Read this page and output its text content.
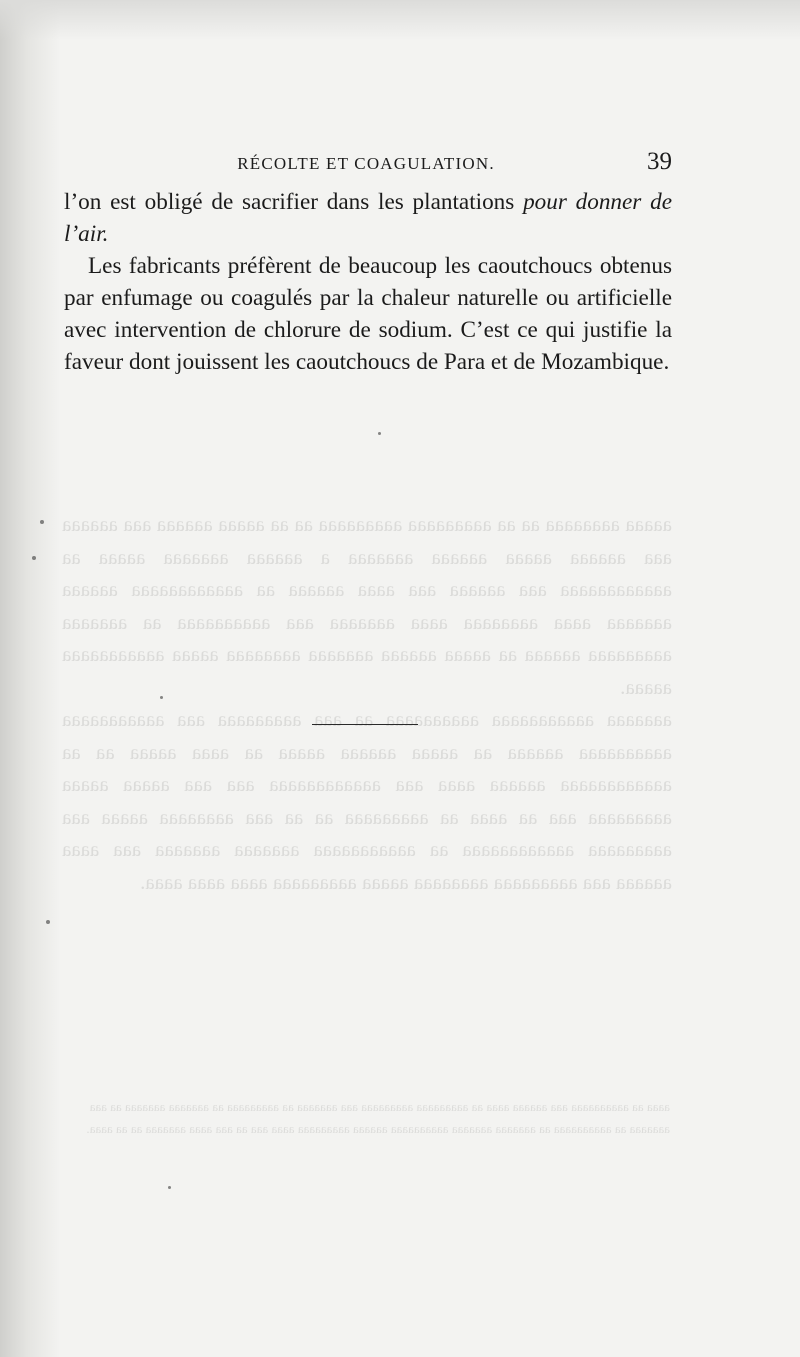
RÉCOLTE ET COAGULATION.	39

l’on est obligé de sacrifier dans les plantations pour donner de l’air.

Les fabricants préfèrent de beaucoup les caoutchoucs obtenus par enfumage ou coagulés par la chaleur naturelle ou artificielle avec intervention de chlorure de sodium. C’est ce qui justifie la faveur dont jouissent les caoutchoucs de Para et de Mozambique.

aaaaa aaaaaaaa aa aa aaaaaaaaa aaaaaaaaa aa aa aaaaa aaaaaa aaa aaaaaa aaa aaaaaa aaaaa aaaaaa aaaaaaa a aaaaaa aaaaaaa aaaaa aa aaaaaaaaaaaa aaa aaaaaa aaa aaaa aaaaaa aa aaaaaaaaaaaa aaaaaa aaaaaaa aaaa aaaaaaaa aaaa aaaaaaa aaa aaaaaaaaaa aa aaaaaaa aaaaaaaaa aaaaaa aa aaaaa aaaaaa aaaaaaa aaaaaaaa aaaaa aaaaaaaaaaa aaaaa.

aaaaaaa aaaaaaaaaaa aaaaaaaaaa aa aaa aaaaaaaaa aaa aaaaaaaaaaa aaaaaaaaaa aaaaaa aa aaaaa aaaaaa aaaaa aa aaaa aaaaa aa aa aaaaaaaaaaaa aaaaaa aaaa aaa aaaaaaaaaaaa aaa aaa aaaaa aaaaa aaaaaaaaa aaa aa aaaa aa aaaaaaaaa aa aa aaa aaaaaaaa aaaaa aaa aaaaaaaaa aaaaaaaaaaaa aa aaaaaaaaaaa aaaaaaa aaaaaaa aaa aaaa aaaaaa aaa aaaaaaaaa aaaaaaaa aaaaa aaaaaaaaa aaaa aaaa aaaa.

aaaa aa aaaaaaaaaa aaa aaaaaa aaaa aa aaaaaaaaa aaaaaaaaa aaa aaaaaaa aa aaaaaaaaa aa aaaaaaa aaaaaaa aa aaa aaaaaaa aa aaaaaaaaaa aa aaaaaaa aaaaaaa aaaaaaaaaa aaaaaa aaaaaaaaa aaaa aaa aa aaa aaaa aaaaaaa aa aa aaaa.
